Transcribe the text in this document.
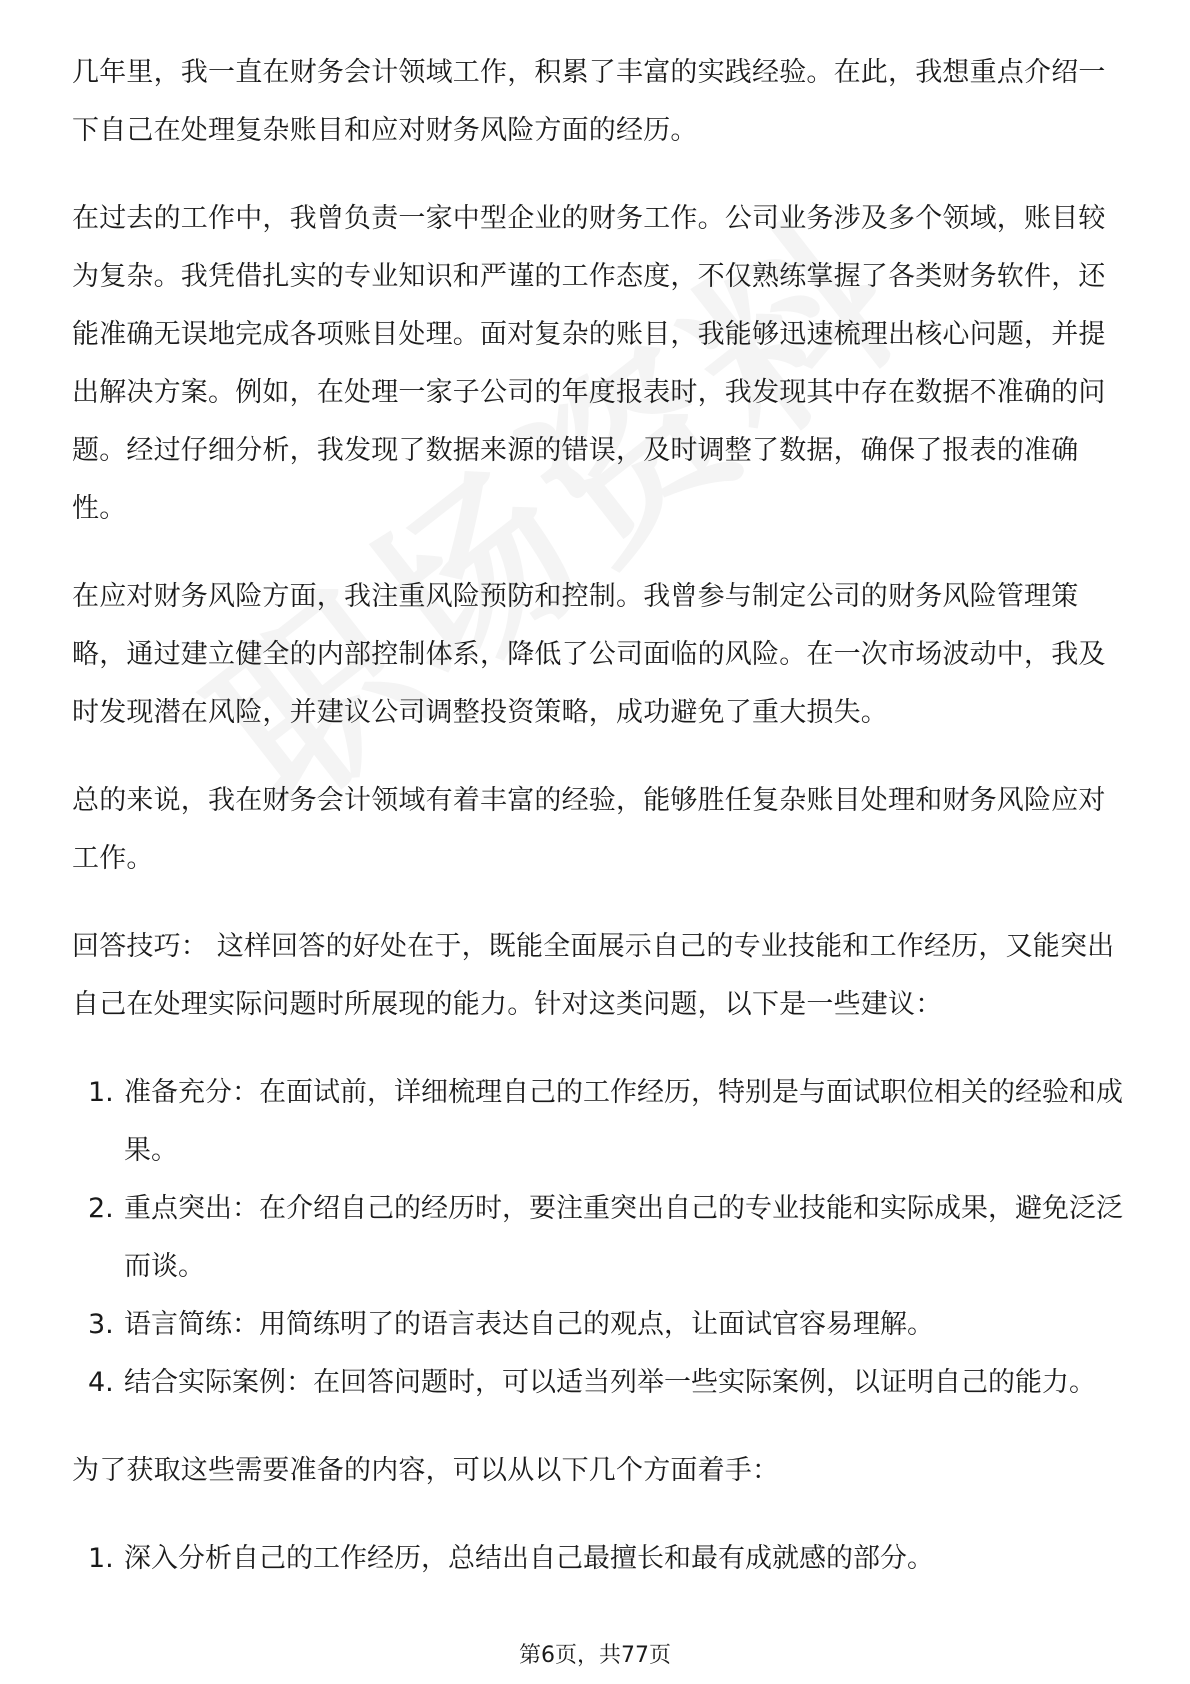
几年里，我一直在财务会计领域工作，积累了丰富的实践经验。在此，我想重点介绍一下自己在处理复杂账目和应对财务风险方面的经历。

在过去的工作中，我曾负责一家中型企业的财务工作。公司业务涉及多个领域，账目较为复杂。我凭借扎实的专业知识和严谨的工作态度，不仅熟练掌握了各类财务软件，还能准确无误地完成各项账目处理。面对复杂的账目，我能够迅速梳理出核心问题，并提出解决方案。例如，在处理一家子公司的年度报表时，我发现其中存在数据不准确的问题。经过仔细分析，我发现了数据来源的错误，及时调整了数据，确保了报表的准确性。

在应对财务风险方面，我注重风险预防和控制。我曾参与制定公司的财务风险管理策略，通过建立健全的内部控制体系，降低了公司面临的风险。在一次市场波动中，我及时发现潜在风险，并建议公司调整投资策略，成功避免了重大损失。

总的来说，我在财务会计领域有着丰富的经验，能够胜任复杂账目处理和财务风险应对工作。

回答技巧： 这样回答的好处在于，既能全面展示自己的专业技能和工作经历，又能突出自己在处理实际问题时所展现的能力。针对这类问题，以下是一些建议：

1. 准备充分：在面试前，详细梳理自己的工作经历，特别是与面试职位相关的经验和成果。
2. 重点突出：在介绍自己的经历时，要注重突出自己的专业技能和实际成果，避免泛泛而谈。
3. 语言简练：用简练明了的语言表达自己的观点，让面试官容易理解。
4. 结合实际案例：在回答问题时，可以适当列举一些实际案例，以证明自己的能力。

为了获取这些需要准备的内容，可以从以下几个方面着手：

1. 深入分析自己的工作经历，总结出自己最擅长和最有成就感的部分。
第6页，共77页
